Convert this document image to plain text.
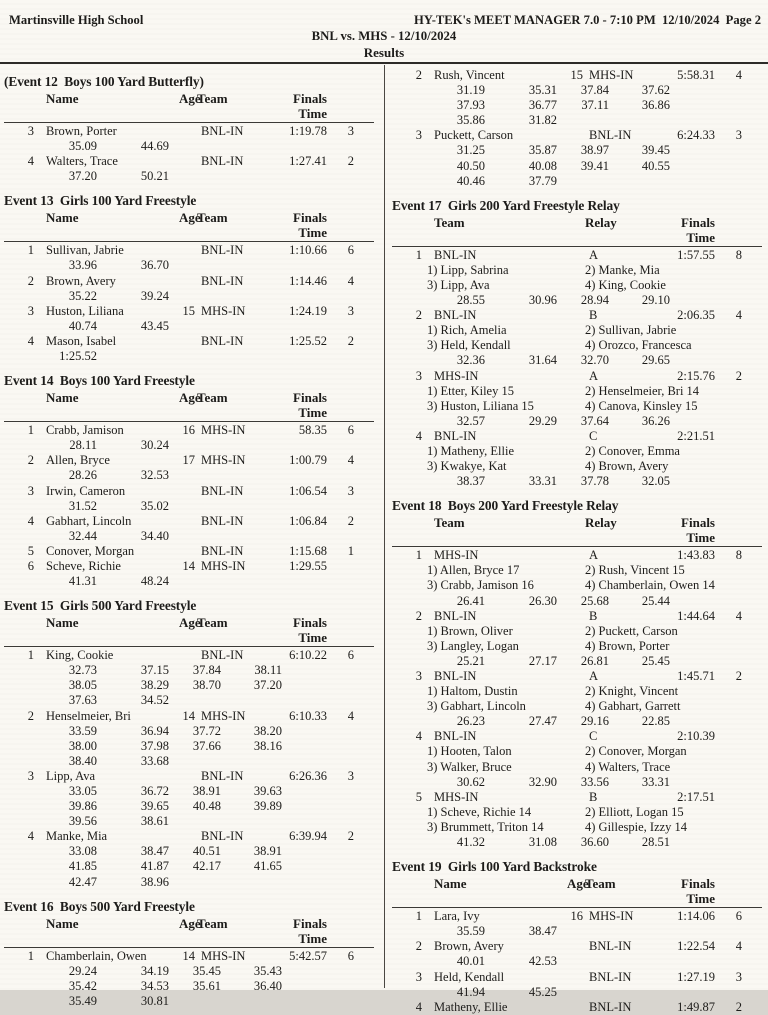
Martinsville High School	HY-TEK's MEET MANAGER 7.0 - 7:10 PM  12/10/2024  Page 2
BNL vs. MHS - 12/10/2024
Results
(Event 12  Boys 100 Yard Butterfly)
Name	Age
Team	Finals Time
3 Brown, Porter	BNL-IN	1:19.78	3
35.09	44.69
4 Walters, Trace	BNL-IN	1:27.41	2
37.20	50.21
Event 13  Girls 100 Yard Freestyle
Name	Age
Team	Finals Time
1 Sullivan, Jabrie	BNL-IN	1:10.66	6
33.96	36.70
2 Brown, Avery	BNL-IN	1:14.46	4
35.22	39.24
3 Huston, Liliana	15 MHS-IN	1:24.19	3
40.74	43.45
4 Mason, Isabel	BNL-IN	1:25.52	2
1:25.52
Event 14  Boys 100 Yard Freestyle
Name	Age
Team	Finals Time
1 Crabb, Jamison	16 MHS-IN	58.35	6
28.11	30.24
2 Allen, Bryce	17 MHS-IN	1:00.79	4
28.26	32.53
3 Irwin, Cameron	BNL-IN	1:06.54	3
31.52	35.02
4 Gabhart, Lincoln	BNL-IN	1:06.84	2
32.44	34.40
5 Conover, Morgan	BNL-IN	1:15.68	1
6 Scheve, Richie	14 MHS-IN	1:29.55
41.31	48.24
Event 15  Girls 500 Yard Freestyle
Name	Age
Team	Finals Time
1 King, Cookie	BNL-IN	6:10.22	6
32.73	37.15	37.84	38.11
38.05	38.29	38.70	37.20
37.63	34.52
2 Henselmeier, Bri	14 MHS-IN	6:10.33	4
33.59	36.94	37.72	38.20
38.00	37.98	37.66	38.16
38.40	33.68
3 Lipp, Ava	BNL-IN	6:26.36	3
33.05	36.72	38.91	39.63
39.86	39.65	40.48	39.89
39.56	38.61
4 Manke, Mia	BNL-IN	6:39.94	2
33.08	38.47	40.51	38.91
41.85	41.87	42.17	41.65
42.47	38.96
Event 16  Boys 500 Yard Freestyle
Name	Age
Team	Finals Time
1 Chamberlain, Owen	14 MHS-IN	5:42.57	6
29.24	34.19	35.45	35.43
35.42	34.53	35.61	36.40
35.49	30.81
2 Rush, Vincent	15 MHS-IN	5:58.31	4
31.19	35.31	37.84	37.62
37.93	36.77	37.11	36.86
35.86	31.82
3 Puckett, Carson	BNL-IN	6:24.33	3
31.25	35.87	38.97	39.45
40.50	40.08	39.41	40.55
40.46	37.79
Event 17  Girls 200 Yard Freestyle Relay
Team	Relay	Finals Time
1 BNL-IN	A	1:57.55	8
1) Lipp, Sabrina	2) Manke, Mia
3) Lipp, Ava	4) King, Cookie
28.55	30.96	28.94	29.10
2 BNL-IN	B	2:06.35	4
1) Rich, Amelia	2) Sullivan, Jabrie
3) Held, Kendall	4) Orozco, Francesca
32.36	31.64	32.70	29.65
3 MHS-IN	A	2:15.76	2
1) Etter, Kiley 15	2) Henselmeier, Bri 14
3) Huston, Liliana 15	4) Canova, Kinsley 15
32.57	29.29	37.64	36.26
4 BNL-IN	C	2:21.51
1) Matheny, Ellie	2) Conover, Emma
3) Kwakye, Kat	4) Brown, Avery
38.37	33.31	37.78	32.05
Event 18  Boys 200 Yard Freestyle Relay
Team	Relay	Finals Time
1 MHS-IN	A	1:43.83	8
1) Allen, Bryce 17	2) Rush, Vincent 15
3) Crabb, Jamison 16	4) Chamberlain, Owen 14
26.41	26.30	25.68	25.44
2 BNL-IN	B	1:44.64	4
1) Brown, Oliver	2) Puckett, Carson
3) Langley, Logan	4) Brown, Porter
25.21	27.17	26.81	25.45
3 BNL-IN	A	1:45.71	2
1) Haltom, Dustin	2) Knight, Vincent
3) Gabhart, Lincoln	4) Gabhart, Garrett
26.23	27.47	29.16	22.85
4 BNL-IN	C	2:10.39
1) Hooten, Talon	2) Conover, Morgan
3) Walker, Bruce	4) Walters, Trace
30.62	32.90	33.56	33.31
5 MHS-IN	B	2:17.51
1) Scheve, Richie 14	2) Elliott, Logan 15
3) Brummett, Triton 14	4) Gillespie, Izzy 14
41.32	31.08	36.60	28.51
Event 19  Girls 100 Yard Backstroke
Name	Age
Team	Finals Time
1 Lara, Ivy	16 MHS-IN	1:14.06	6
35.59	38.47
2 Brown, Avery	BNL-IN	1:22.54	4
40.01	42.53
3 Held, Kendall	BNL-IN	1:27.19	3
41.94	45.25
4 Matheny, Ellie	BNL-IN	1:49.87	2
